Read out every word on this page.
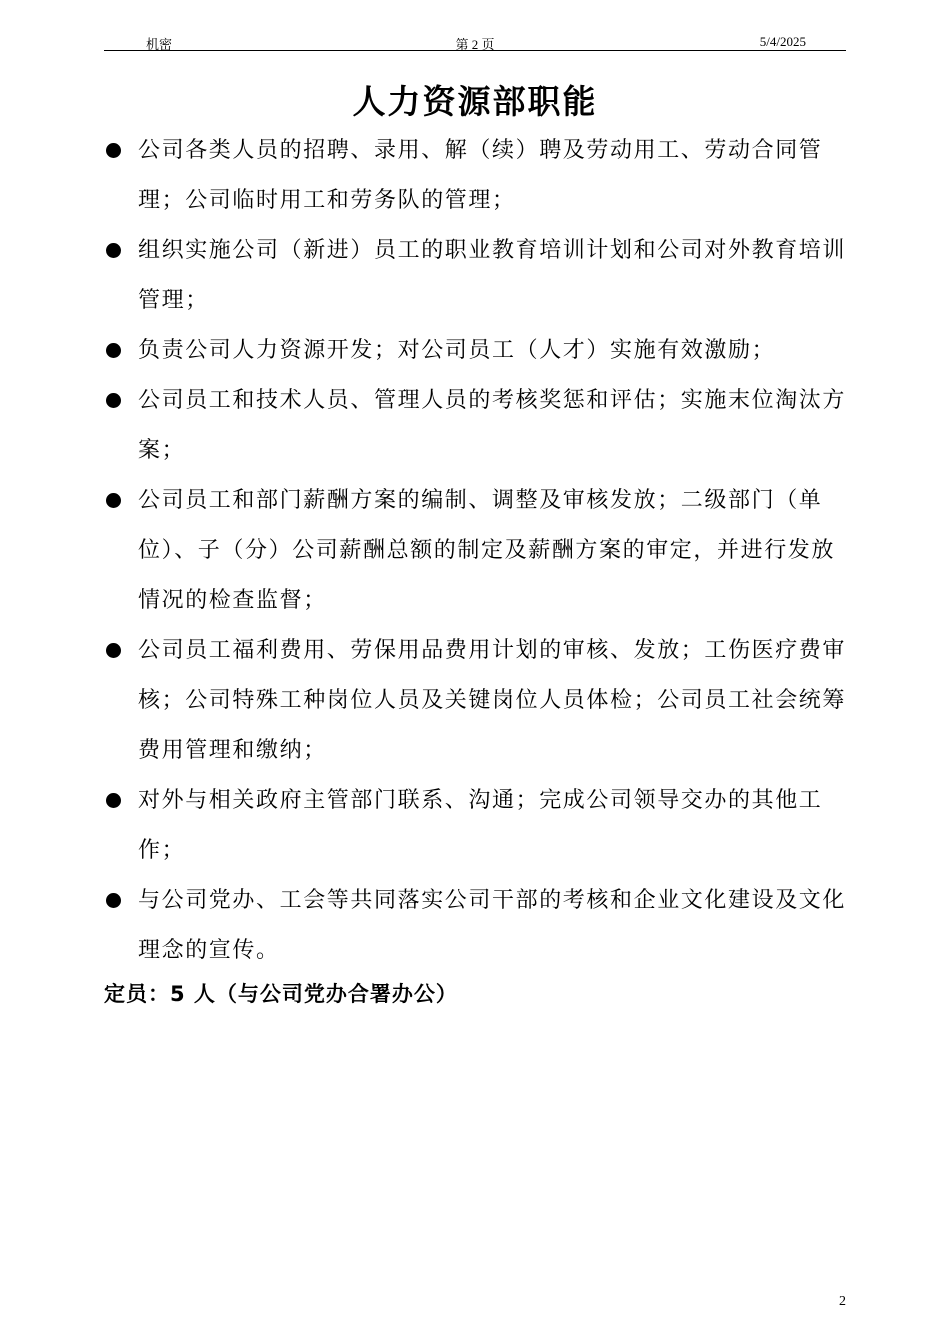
机密	第 2 页	5/4/2025
人力资源部职能
公司各类人员的招聘、录用、解（续）聘及劳动用工、劳动合同管理；公司临时用工和劳务队的管理；
组织实施公司（新进）员工的职业教育培训计划和公司对外教育培训管理；
负责公司人力资源开发；对公司员工（人才）实施有效激励；
公司员工和技术人员、管理人员的考核奖惩和评估；实施末位淘汰方案；
公司员工和部门薪酬方案的编制、调整及审核发放；二级部门（单位）、子（分）公司薪酬总额的制定及薪酬方案的审定，并进行发放情况的检查监督；
公司员工福利费用、劳保用品费用计划的审核、发放；工伤医疗费审核；公司特殊工种岗位人员及关键岗位人员体检；公司员工社会统筹费用管理和缴纳；
对外与相关政府主管部门联系、沟通；完成公司领导交办的其他工作；
与公司党办、工会等共同落实公司干部的考核和企业文化建设及文化理念的宣传。
定员：5 人（与公司党办合署办公）
2
